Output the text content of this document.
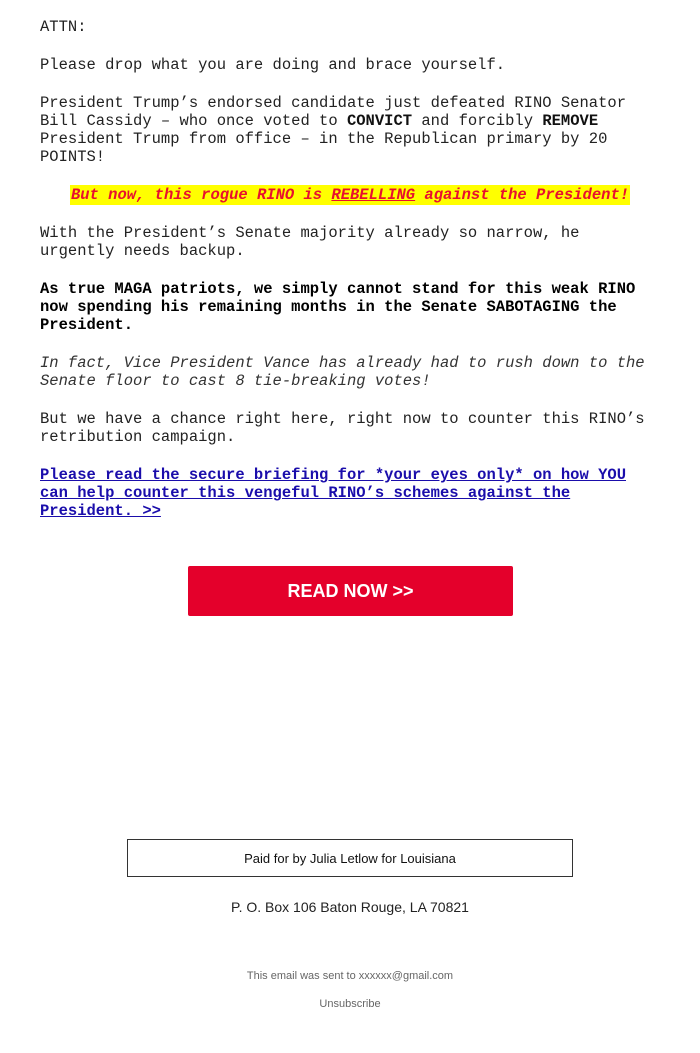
ATTN:

Please drop what you are doing and brace yourself.

President Trump’s endorsed candidate just defeated RINO Senator Bill Cassidy – who once voted to CONVICT and forcibly REMOVE President Trump from office – in the Republican primary by 20 POINTS!

But now, this rogue RINO is REBELLING against the President!

With the President’s Senate majority already so narrow, he urgently needs backup.

As true MAGA patriots, we simply cannot stand for this weak RINO now spending his remaining months in the Senate SABOTAGING the President.

In fact, Vice President Vance has already had to rush down to the Senate floor to cast 8 tie-breaking votes!

But we have a chance right here, right now to counter this RINO’s retribution campaign.

Please read the secure briefing for *your eyes only* on how YOU can help counter this vengeful RINO’s schemes against the President. >>

READ NOW >>
Paid for by Julia Letlow for Louisiana
P. O. Box 106 Baton Rouge, LA 70821
This email was sent to xxxxxx@gmail.com
Unsubscribe
